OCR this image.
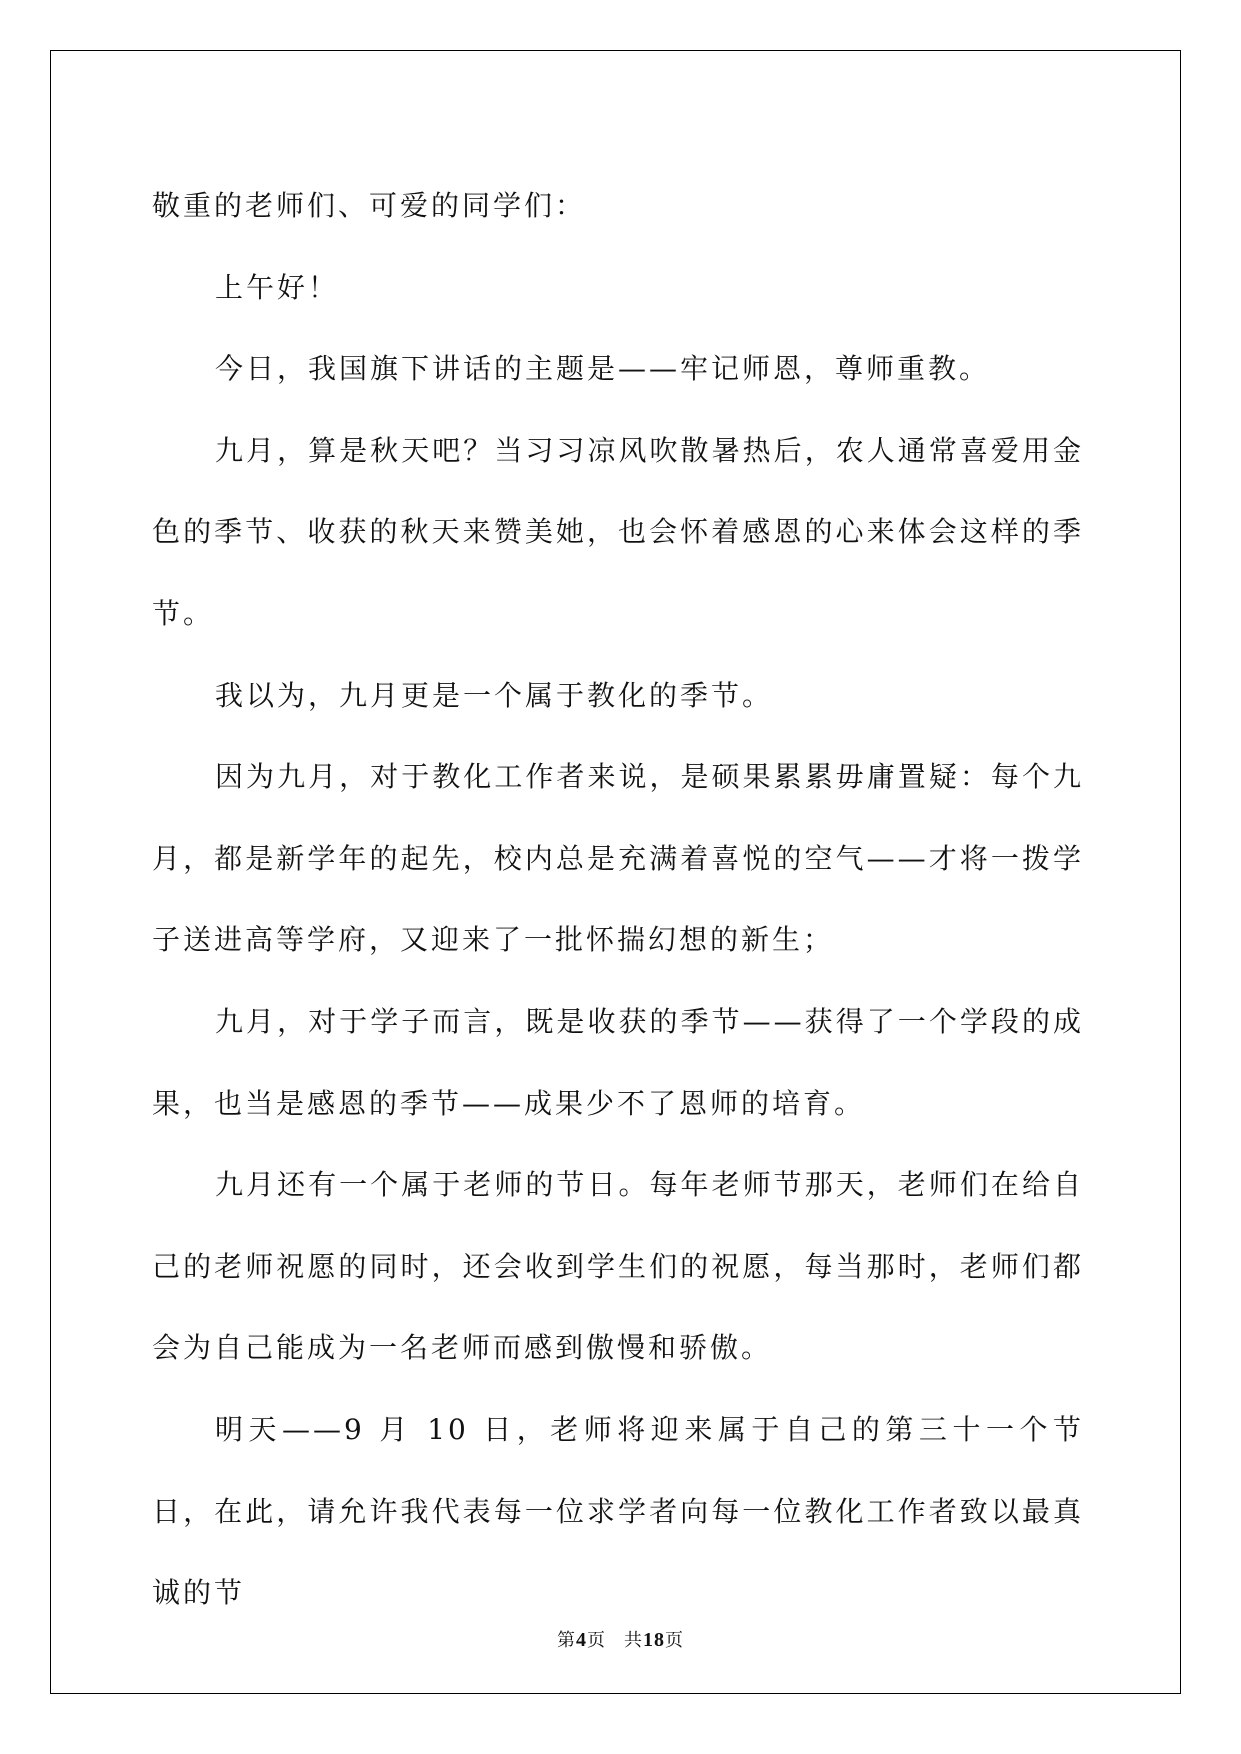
敬重的老师们、可爱的同学们：

上午好！

今日，我国旗下讲话的主题是——牢记师恩，尊师重教。

九月，算是秋天吧？当习习凉风吹散暑热后，农人通常喜爱用金色的季节、收获的秋天来赞美她，也会怀着感恩的心来体会这样的季节。

我以为，九月更是一个属于教化的季节。

因为九月，对于教化工作者来说，是硕果累累毋庸置疑：每个九月，都是新学年的起先，校内总是充满着喜悦的空气——才将一拨学子送进高等学府，又迎来了一批怀揣幻想的新生；

九月，对于学子而言，既是收获的季节——获得了一个学段的成果，也当是感恩的季节——成果少不了恩师的培育。

九月还有一个属于老师的节日。每年老师节那天，老师们在给自己的老师祝愿的同时，还会收到学生们的祝愿，每当那时，老师们都会为自己能成为一名老师而感到傲慢和骄傲。

明天——9 月 10 日，老师将迎来属于自己的第三十一个节日，在此，请允许我代表每一位求学者向每一位教化工作者致以最真诚的节

第4页 共18页
